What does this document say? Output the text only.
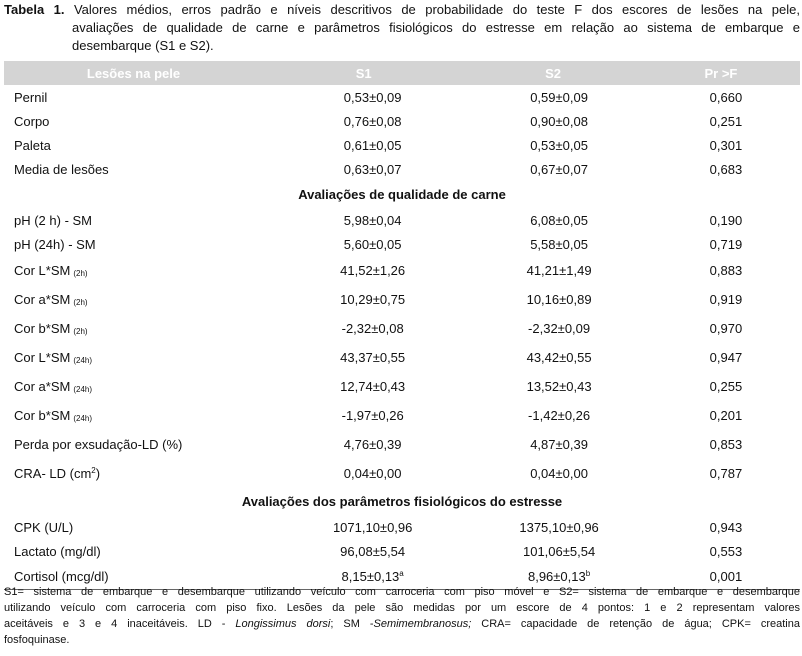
Tabela 1. Valores médios, erros padrão e níveis descritivos de probabilidade do teste F dos escores de lesões na pele,
avaliações de qualidade de carne e parâmetros fisiológicos do estresse em relação ao sistema de embarque e
desembarque (S1 e S2).
Lesões na pele	S1	S2	Pr >F
Pernil	0,53±0,09	0,59±0,09	0,660
Corpo	0,76±0,08	0,90±0,08	0,251
Paleta	0,61±0,05	0,53±0,05	0,301
Media de lesões	0,63±0,07	0,67±0,07	0,683
Avaliações de qualidade de carne			
pH (2 h) - SM	5,98±0,04	6,08±0,05	0,190
pH (24h) - SM	5,60±0,05	5,58±0,05	0,719
Cor L*SM (2h)	41,52±1,26	41,21±1,49	0,883
Cor a*SM (2h)	10,29±0,75	10,16±0,89	0,919
Cor b*SM (2h)	-2,32±0,08	-2,32±0,09	0,970
Cor L*SM (24h)	43,37±0,55	43,42±0,55	0,947
Cor a*SM (24h)	12,74±0,43	13,52±0,43	0,255
Cor b*SM (24h)	-1,97±0,26	-1,42±0,26	0,201
Perda por exsudação-LD (%)	4,76±0,39	4,87±0,39	0,853
CRA- LD $(cm^2)$	0,04±0,00	0,04±0,00	0,787
Avaliações dos parâmetros fisiológicos do estresse			
CPK (U/L)	1071,10±0,96	1375,10±0,96	0,943
Lactato (mg/dl)	96,08±5,54	101,06±5,54	0,553
Cortisol (mcg/dl)	8,15±0,13$^a$	8,96±0,13$^b$	0,001
S1= sistema de embarque e desembarque utilizando veículo com carroceria com piso móvel e S2= sistema de embarque e desembarque
utilizando veículo com carroceria com piso fixo. Lesões da pele são medidas por um escore de 4 pontos: 1 e 2 representam valores
aceitáveis e 3 e 4 inaceitáveis. LD - Longissimus dorsi; SM -Semimembranosus; CRA= capacidade de retenção de água; CPK= creatina
fosfoquinase.
